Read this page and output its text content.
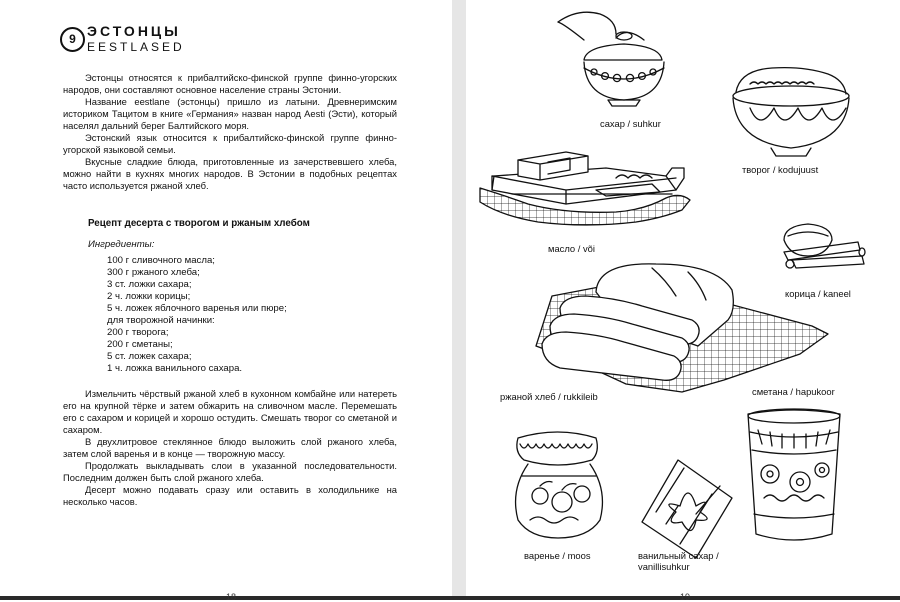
9 ЭСТОНЦЫ
EESTLASED

Эстонцы относятся к прибалтийско-финской группе финно-угорских народов, они составляют основное население страны Эстонии.

Название eestlane (эстонцы) пришло из латыни. Древнеримским историком Тацитом в книге «Германия» назван народ Aesti (Эсти), который населял дальний берег Балтийского моря.

Эстонский язык относится к прибалтийско-финской группе финно-угорской языковой семьи.

Вкусные сладкие блюда, приготовленные из зачерствевшего хлеба, можно найти в кухнях многих народов. В Эстонии в подобных рецептах часто используется ржаной хлеб.

Рецепт десерта с творогом и ржаным хлебом
Ингредиенты:
100 г сливочного масла;
300 г ржаного хлеба;
3 ст. ложки сахара;
2 ч. ложки корицы;
5 ч. ложек яблочного варенья или пюре;
для творожной начинки:
200 г творога;
200 г сметаны;
5 ст. ложек сахара;
1 ч. ложка ванильного сахара.

Измельчить чёрствый ржаной хлеб в кухонном комбайне или натереть его на крупной тёрке и затем обжарить на сливочном масле. Перемешать его с сахаром и корицей и хорошо остудить. Смешать творог со сметаной и сахаром.

В двухлитровое стеклянное блюдо выложить слой ржаного хлеба, затем слой варенья и в конце — творожную массу.

Продолжать выкладывать слои в указанной последовательности. Последним должен быть слой ржаного хлеба.

Десерт можно подавать сразу или оставить в холодильнике на несколько часов.

сахар / suhkur
творог / kodujuust
масло / või
корица / kaneel
ржаной хлеб / rukkileib	сметана / hapukoor
варенье / moos	ванильный сахар /
vanillisuhkur
18	19
